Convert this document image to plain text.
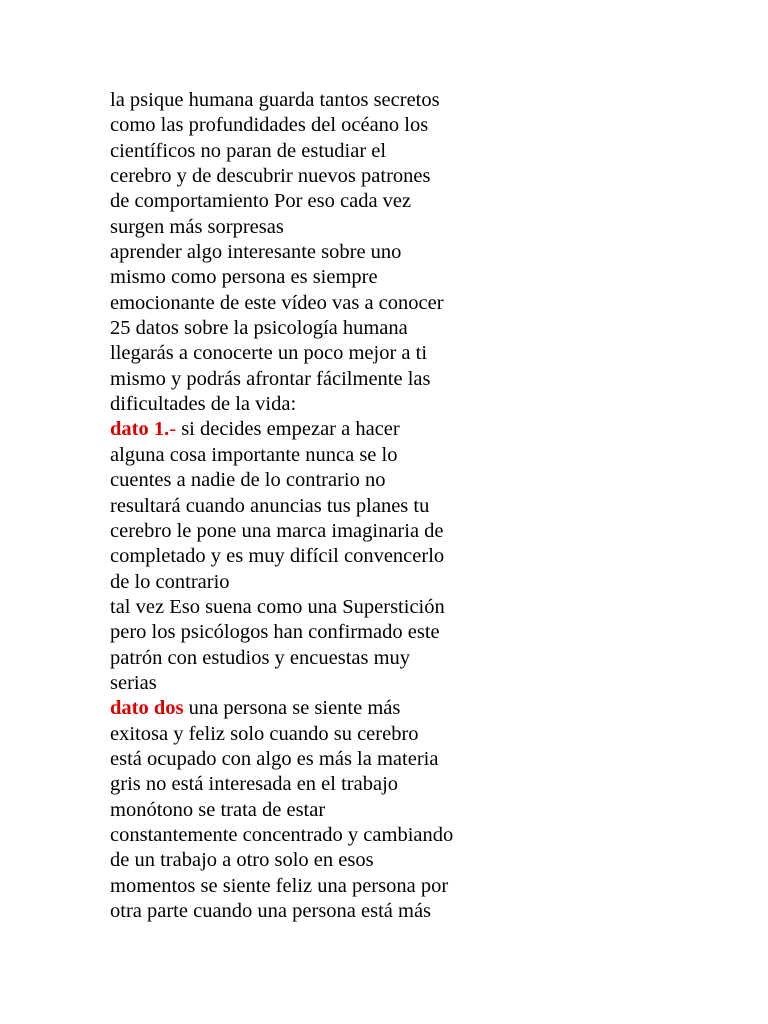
la psique humana guarda tantos secretos
como las profundidades del océano los
científicos no paran de estudiar el
cerebro y de descubrir nuevos patrones
de comportamiento Por eso cada vez
surgen más sorpresas
aprender algo interesante sobre uno
mismo como persona es siempre
emocionante de este vídeo vas a conocer
25 datos sobre la psicología humana
llegarás a conocerte un poco mejor a ti
mismo y podrás afrontar fácilmente las
dificultades de la vida:
dato 1.- si decides empezar a hacer
alguna cosa importante nunca se lo
cuentes a nadie de lo contrario no
resultará cuando anuncias tus planes tu
cerebro le pone una marca imaginaria de
completado y es muy difícil convencerlo
de lo contrario
tal vez Eso suena como una Superstición
pero los psicólogos han confirmado este
patrón con estudios y encuestas muy
serias
dato dos una persona se siente más
exitosa y feliz solo cuando su cerebro
está ocupado con algo es más la materia
gris no está interesada en el trabajo
monótono se trata de estar
constantemente concentrado y cambiando
de un trabajo a otro solo en esos
momentos se siente feliz una persona por
otra parte cuando una persona está más
